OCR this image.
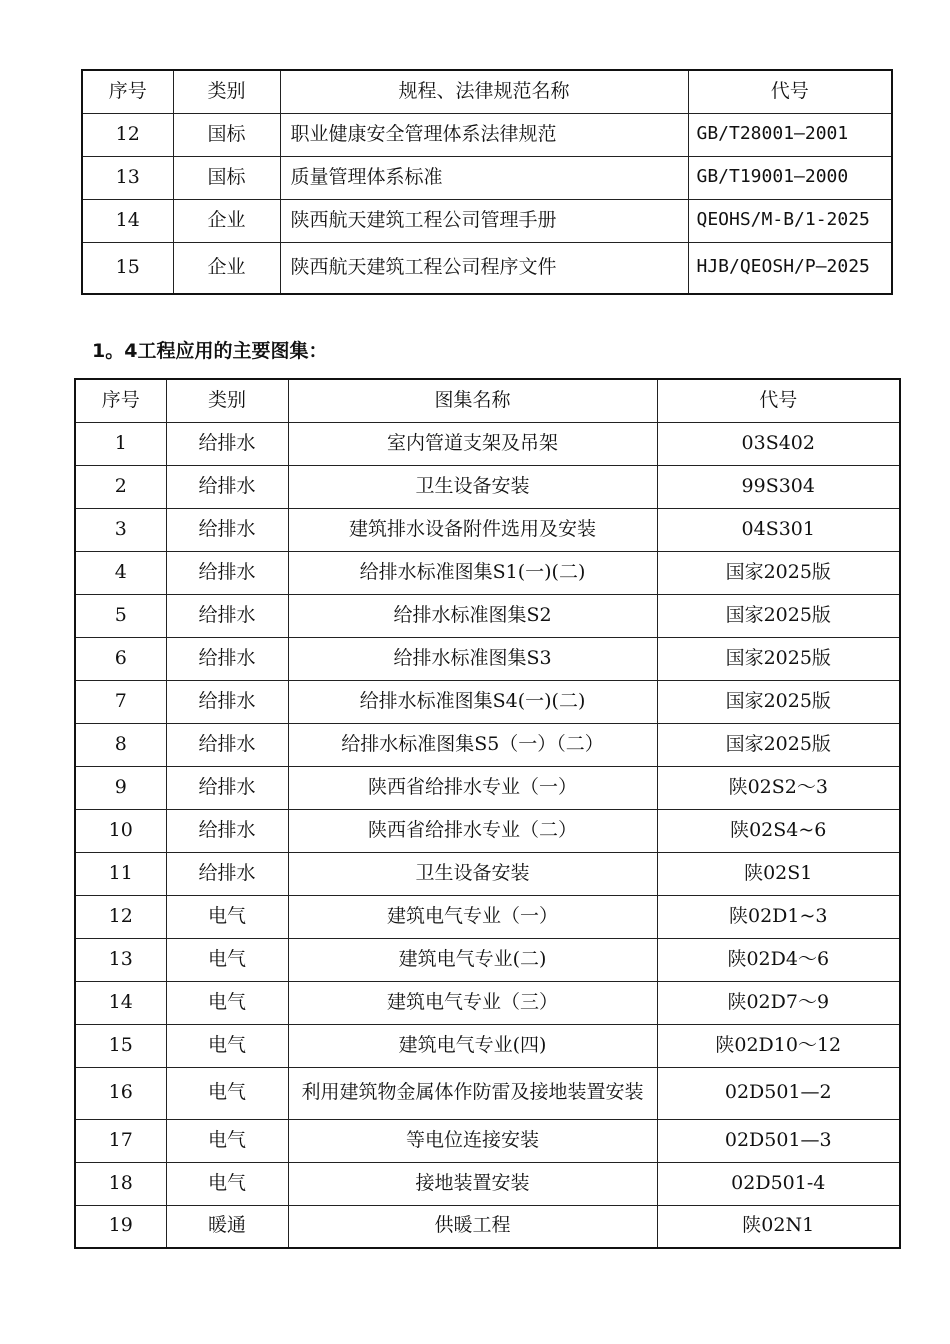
序号	类别	规程、法律规范名称	代号
12	国标	职业健康安全管理体系法律规范	GB/T28001—2001
13	国标	质量管理体系标准	GB/T19001—2000
14	企业	陕西航天建筑工程公司管理手册	QEOHS/M-B/1-2025
15	企业	陕西航天建筑工程公司程序文件	HJB/QEOSH/P—2025
1。4工程应用的主要图集：
序号	类别	图集名称	代号
1	给排水	室内管道支架及吊架	03S402
2	给排水	卫生设备安装	99S304
3	给排水	建筑排水设备附件选用及安装	04S301
4	给排水	给排水标准图集S1(一)(二)	国家2025版
5	给排水	给排水标准图集S2	国家2025版
6	给排水	给排水标准图集S3	国家2025版
7	给排水	给排水标准图集S4(一)(二)	国家2025版
8	给排水	给排水标准图集S5（一）（二）	国家2025版
9	给排水	陕西省给排水专业（一）	陕02S2～3
10	给排水	陕西省给排水专业（二）	陕02S4~6
11	给排水	卫生设备安装	陕02S1
12	电气	建筑电气专业（一）	陕02D1~3
13	电气	建筑电气专业(二)	陕02D4～6
14	电气	建筑电气专业（三）	陕02D7～9
15	电气	建筑电气专业(四)	陕02D10～12
16	电气	利用建筑物金属体作防雷及接地装置安装	02D501—2
17	电气	等电位连接安装	02D501—3
18	电气	接地装置安装	02D501-4
19	暖通	供暖工程	陕02N1
